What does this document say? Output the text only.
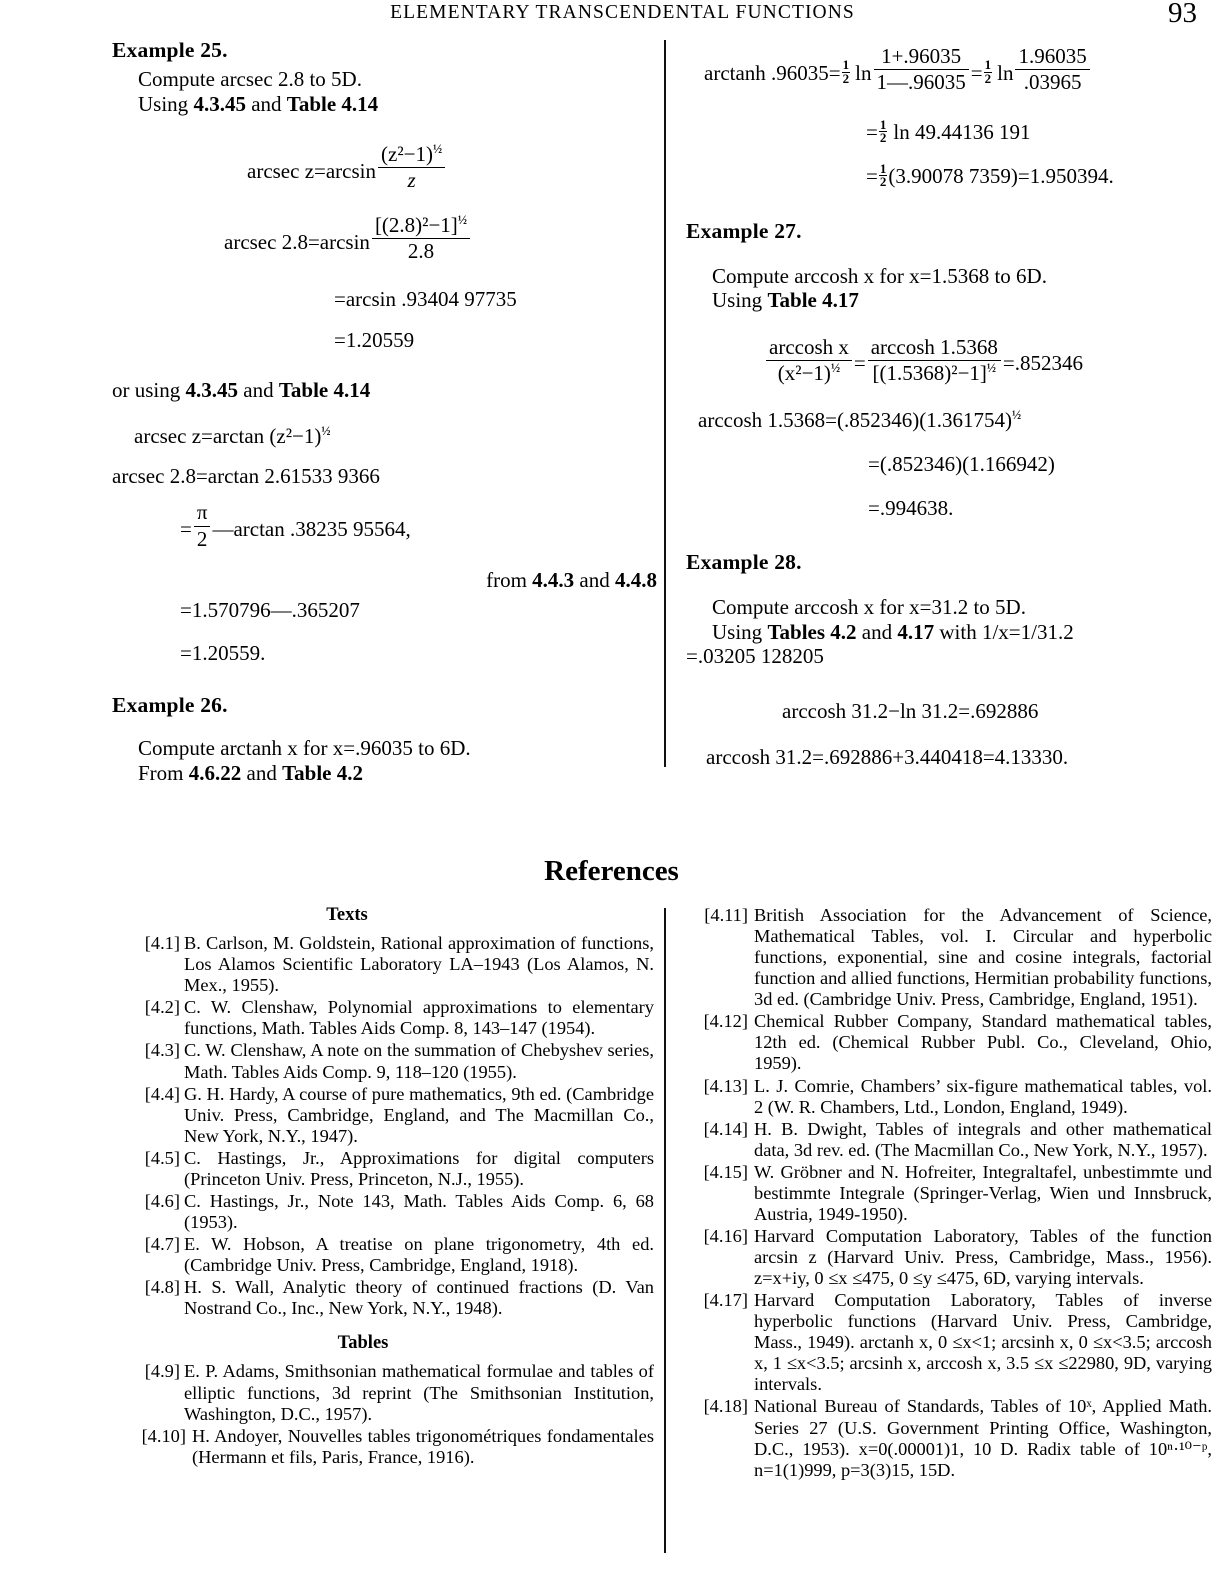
ELEMENTARY TRANSCENDENTAL FUNCTIONS	93
Example 25.

Compute arcsec 2.8 to 5D.

Using 4.3.45 and Table 4.14

arcsec $z=\arcsin \frac{(z^2-1)^{\frac{1}{2}}}{z}$
arcsec $2.8=\arcsin \frac{[(2.8)^2-1]^{\frac{1}{2}}}{2.8}$
=arcsin .93404 97735
=1.20559

or using 4.3.45 and Table 4.14

arcsec z=arctan $(z^2-1)^{\frac{1}{2}}$
arcsec 2.8=arctan 2.61533 9366
= $\frac{\pi}{2}$ —arctan .38235 95564,
from 4.4.3 and 4.4.8
=1.570796—.365207
=1.20559.
Example 26.

Compute arctanh x for x=.96035 to 6D.

From 4.6.22 and Table 4.2

arctanh $.96035= \frac{1}{2}$ $\ln \frac{1+.96035}{1—.96035} = \frac{1}{2}$ $\ln \frac{1.96035}{.03965}$
= $\frac{1}{2}$ ln 49.44136 191
= $\frac{1}{2} (3.90078$ 7359)=1.950394.
Example 27.

Compute arccosh x for x=1.5368 to 6D.

Using Table 4.17

$\frac{\text{arccosh x}}{(x^2-1)^{\frac{1}{2}}} = \frac{\arccos h 1.5368}{[(1.5368)^2-1]^{\frac{1}{2}}} =.852346$
arccosh $1.5368=(.852346)(1.361754)^{\frac{1}{2}}$
=(.852346)(1.166942)
=.994638.
Example 28.

Compute arccosh x for x=31.2 to 5D.

Using Tables 4.2 and 4.17 with 1/x=1/31.2

=.03205 128205

arccosh 31.2−ln 31.2=.692886
arccosh 31.2=.692886+3.440418=4.13330.
References
Texts
[4.1] B. Carlson, M. Goldstein, Rational approximation of functions, Los Alamos Scientific Laboratory LA–1943 (Los Alamos, N. Mex., 1955).
[4.2] C. W. Clenshaw, Polynomial approximations to elementary functions, Math. Tables Aids Comp. 8, 143–147 (1954).
[4.3] C. W. Clenshaw, A note on the summation of Chebyshev series, Math. Tables Aids Comp. 9, 118–120 (1955).
[4.4] G. H. Hardy, A course of pure mathematics, 9th ed. (Cambridge Univ. Press, Cambridge, England, and The Macmillan Co., New York, N.Y., 1947).
[4.5] C. Hastings, Jr., Approximations for digital computers (Princeton Univ. Press, Princeton, N.J., 1955).
[4.6] C. Hastings, Jr., Note 143, Math. Tables Aids Comp. 6, 68 (1953).
[4.7] E. W. Hobson, A treatise on plane trigonometry, 4th ed. (Cambridge Univ. Press, Cambridge, England, 1918).
[4.8] H. S. Wall, Analytic theory of continued fractions (D. Van Nostrand Co., Inc., New York, N.Y., 1948).
Tables
[4.9] E. P. Adams, Smithsonian mathematical formulae and tables of elliptic functions, 3d reprint (The Smithsonian Institution, Washington, D.C., 1957).
[4.10] H. Andoyer, Nouvelles tables trigonométriques fondamentales (Hermann et fils, Paris, France, 1916).
[4.11] British Association for the Advancement of Science, Mathematical Tables, vol. I. Circular and hyperbolic functions, exponential, sine and cosine integrals, factorial function and allied functions, Hermitian probability functions, 3d ed. (Cambridge Univ. Press, Cambridge, England, 1951).
[4.12] Chemical Rubber Company, Standard mathematical tables, 12th ed. (Chemical Rubber Publ. Co., Cleveland, Ohio, 1959).
[4.13] L. J. Comrie, Chambers’ six-figure mathematical tables, vol. 2 (W. R. Chambers, Ltd., London, England, 1949).
[4.14] H. B. Dwight, Tables of integrals and other mathematical data, 3d rev. ed. (The Macmillan Co., New York, N.Y., 1957).
[4.15] W. Gröbner and N. Hofreiter, Integraltafel, unbestimmte und bestimmte Integrale (Springer-Verlag, Wien und Innsbruck, Austria, 1949-1950).
[4.16] Harvard Computation Laboratory, Tables of the function arcsin z (Harvard Univ. Press, Cambridge, Mass., 1956). z=x+iy, 0 ≤x ≤475, 0 ≤y ≤475, 6D, varying intervals.
[4.17] Harvard Computation Laboratory, Tables of inverse hyperbolic functions (Harvard Univ. Press, Cambridge, Mass., 1949). arctanh x, 0 ≤x<1; arcsinh x, 0 ≤x<3.5; arccosh x, 1 ≤x<3.5; arcsinh x, arccosh x, 3.5 ≤x ≤22980, 9D, varying intervals.
[4.18] National Bureau of Standards, Tables of 10ˣ, Applied Math. Series 27 (U.S. Government Printing Office, Washington, D.C., 1953). x=0(.00001)1, 10 D. Radix table of 10ⁿ·¹⁰⁻ᵖ, n=1(1)999, p=3(3)15, 15D.
